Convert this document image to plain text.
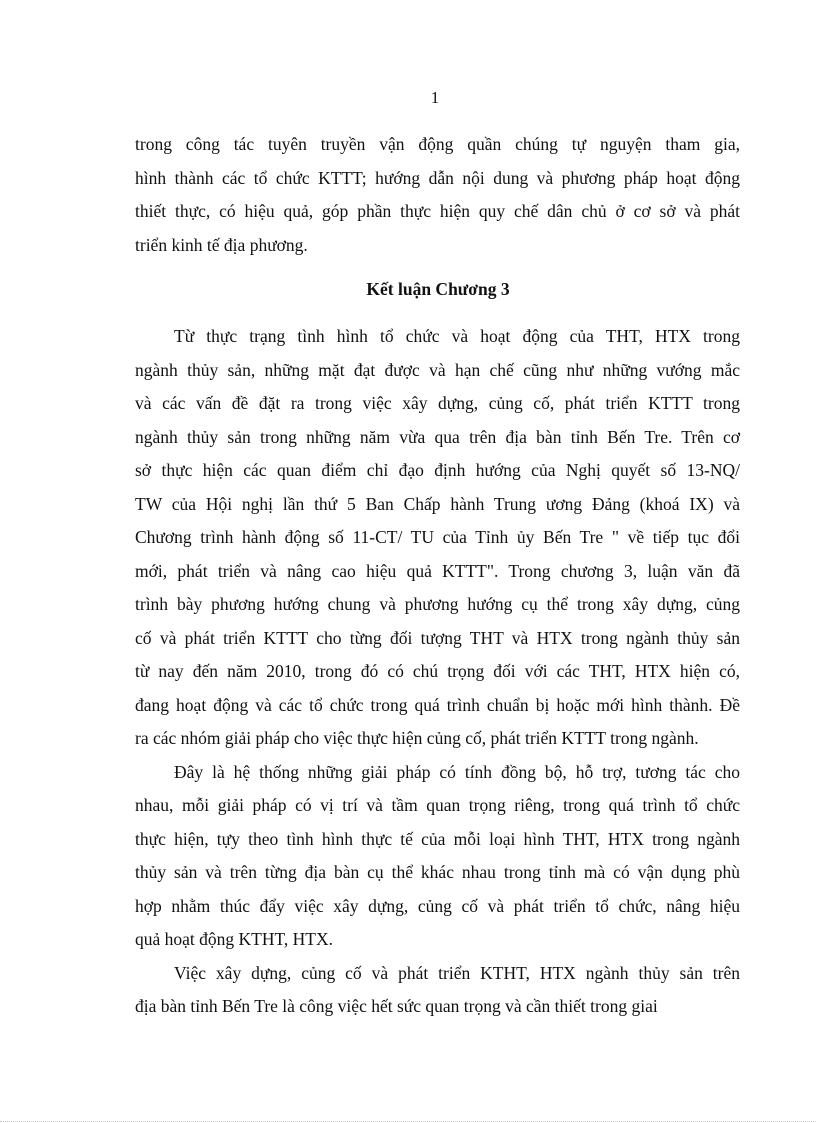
1
trong công tác tuyên truyền vận động quần chúng tự nguyện tham gia,
hình thành các tổ chức KTTT; hướng dẫn nội dung và phương pháp hoạt động
thiết thực, có hiệu quả, góp phần thực hiện quy chế dân chủ ở cơ sở và phát
triển kinh tế địa phương.
Kết luận Chương 3
Từ thực trạng tình hình tổ chức và hoạt động của THT, HTX trong
ngành thủy sản, những mặt đạt được và hạn chế cũng như những vướng mắc
và các vấn đề đặt ra trong việc xây dựng, củng cố, phát triển KTTT trong
ngành thủy sản trong những năm vừa qua trên địa bàn tỉnh Bến Tre. Trên cơ
sở thực hiện các quan điểm chỉ đạo định hướng của Nghị quyết số 13-NQ/
TW của Hội nghị lần thứ 5 Ban Chấp hành Trung ương Đảng (khoá IX) và
Chương trình hành động số 11-CT/ TU của Tỉnh ủy Bến Tre " về tiếp tục đổi
mới, phát triển và nâng cao hiệu quả KTTT". Trong chương 3, luận văn đã
trình bày phương hướng chung và phương hướng cụ thể trong xây dựng, củng
cố và phát triển KTTT cho từng đối tượng THT và HTX trong ngành thủy sản
từ nay đến năm 2010, trong đó có chú trọng đối với các THT, HTX hiện có,
đang hoạt động và các tổ chức trong quá trình chuẩn bị hoặc mới hình thành. Đề
ra các nhóm giải pháp cho việc thực hiện củng cố, phát triển KTTT trong ngành.
Đây là hệ thống những giải pháp có tính đồng bộ, hỗ trợ, tương tác cho
nhau, mỗi giải pháp có vị trí và tầm quan trọng riêng, trong quá trình tổ chức
thực hiện, tựy theo tình hình thực tế của mỗi loại hình THT, HTX trong ngành
thủy sản và trên từng địa bàn cụ thể khác nhau trong tỉnh mà có vận dụng phù
hợp nhằm thúc đẩy việc xây dựng, củng cố và phát triển tổ chức, nâng hiệu
quả hoạt động KTHT, HTX.
Việc xây dựng, củng cố và phát triển KTHT, HTX ngành thủy sản trên
địa bàn tỉnh Bến Tre là công việc hết sức quan trọng và cần thiết trong giai
